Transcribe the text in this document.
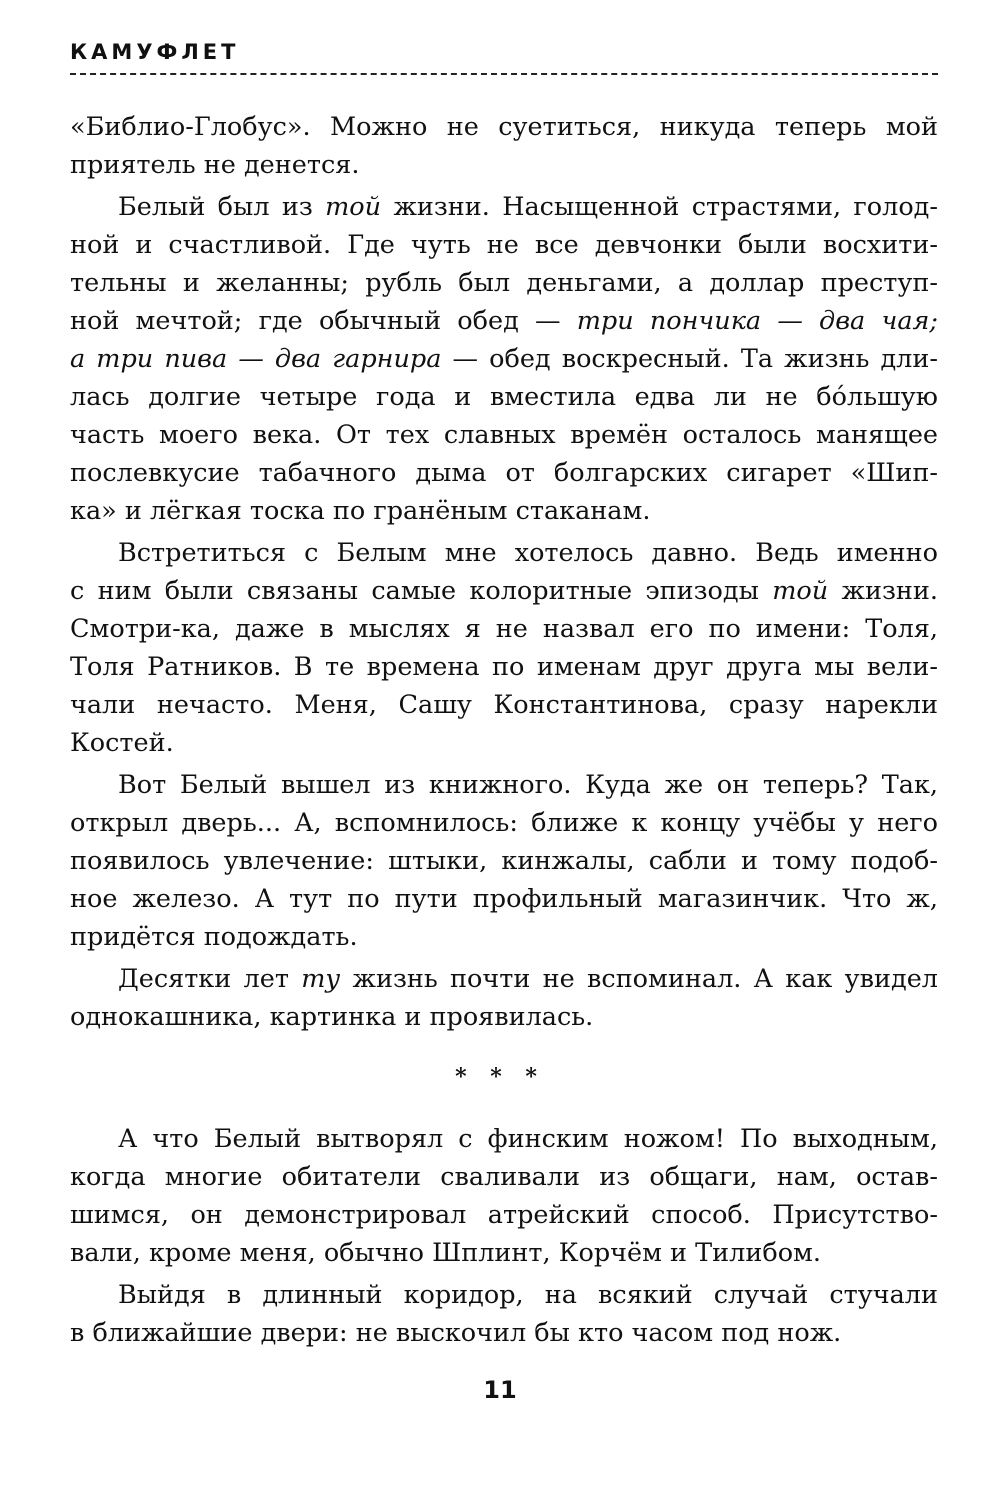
КАМУФЛЕТ
«Библио-Глобус». Можно не суетиться, никуда теперь мой
приятель не денется.
Белый был из той жизни. Насыщенной страстями, голод-
ной и счастливой. Где чуть не все девчонки были восхити-
тельны и желанны; рубль был деньгами, а доллар преступ-
ной мечтой; где обычный обед — три пончика — два чая;
а три пива — два гарнира — обед воскресный. Та жизнь дли-
лась долгие четыре года и вместила едва ли не бóльшую
часть моего века. От тех славных времён осталось манящее
послевкусие табачного дыма от болгарских сигарет «Шип-
ка» и лёгкая тоска по гранёным стаканам.
Встретиться с Белым мне хотелось давно. Ведь именно
с ним были связаны самые колоритные эпизоды той жизни.
Смотри-ка, даже в мыслях я не назвал его по имени: Толя,
Толя Ратников. В те времена по именам друг друга мы вели-
чали нечасто. Меня, Сашу Константинова, сразу нарекли
Костей.
Вот Белый вышел из книжного. Куда же он теперь? Так,
открыл дверь... А, вспомнилось: ближе к концу учёбы у него
появилось увлечение: штыки, кинжалы, сабли и тому подоб-
ное железо. А тут по пути профильный магазинчик. Что ж,
придётся подождать.
Десятки лет ту жизнь почти не вспоминал. А как увидел
однокашника, картинка и проявилась.
* * *
А что Белый вытворял с финским ножом! По выходным,
когда многие обитатели сваливали из общаги, нам, остав-
шимся, он демонстрировал атрейский способ. Присутство-
вали, кроме меня, обычно Шплинт, Корчём и Тилибом.
Выйдя в длинный коридор, на всякий случай стучали
в ближайшие двери: не выскочил бы кто часом под нож.
11
